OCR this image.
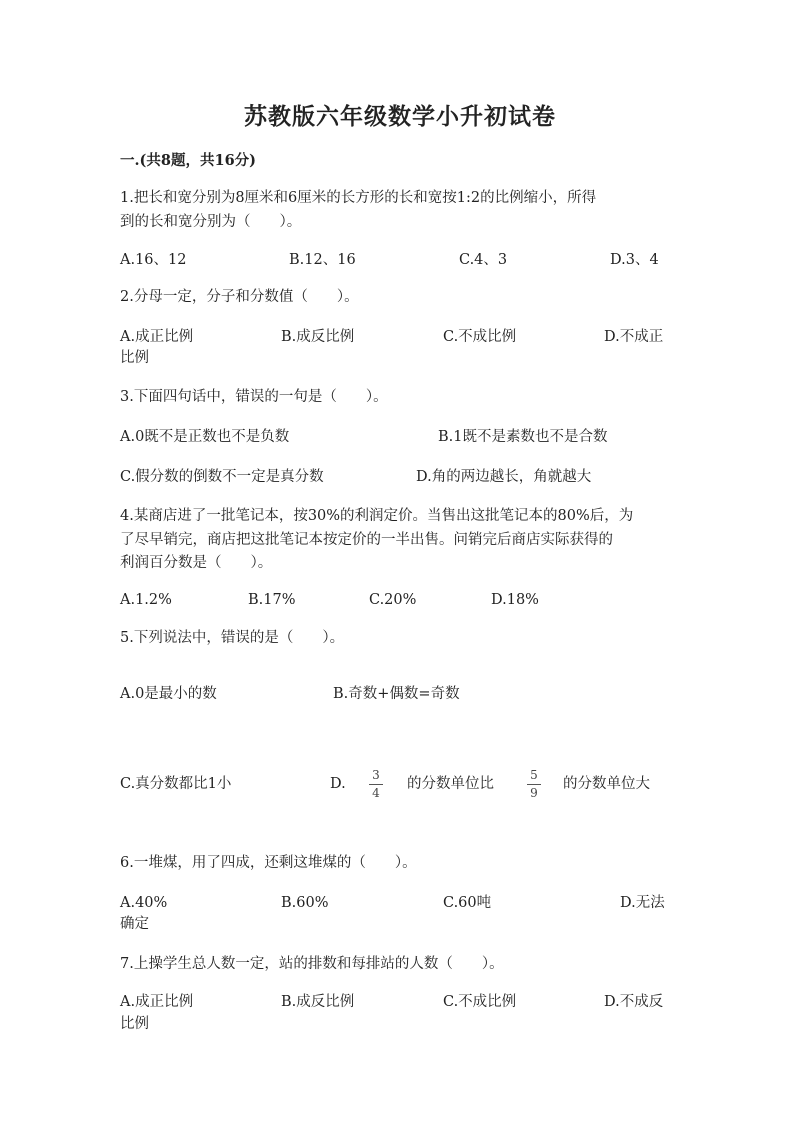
苏教版六年级数学小升初试卷
一.(共8题，共16分)
1.把长和宽分别为8厘米和6厘米的长方形的长和宽按1:2的比例缩小，所得
到的长和宽分别为（　　）。
A.16、12	B.12、16	C.4、3	D.3、4
2.分母一定，分子和分数值（　　）。
A.成正比例	B.成反比例	C.不成比例	D.不成正
比例
3.下面四句话中，错误的一句是（　　）。
A.0既不是正数也不是负数	B.1既不是素数也不是合数
C.假分数的倒数不一定是真分数	D.角的两边越长，角就越大
4.某商店进了一批笔记本，按30%的利润定价。当售出这批笔记本的80%后，为
了尽早销完，商店把这批笔记本按定价的一半出售。问销完后商店实际获得的
利润百分数是（　　）。
A.1.2%	B.17%	C.20%	D.18%
5.下列说法中，错误的是（　　）。
A.0是最小的数	B.奇数+偶数=奇数
C.真分数都比1小	D.
3
4
的分数单位比
5
9
的分数单位大
6.一堆煤，用了四成，还剩这堆煤的（　　）。
A.40%	B.60%	C.60吨	D.无法
确定
7.上操学生总人数一定，站的排数和每排站的人数（　　）。
A.成正比例	B.成反比例	C.不成比例	D.不成反
比例
